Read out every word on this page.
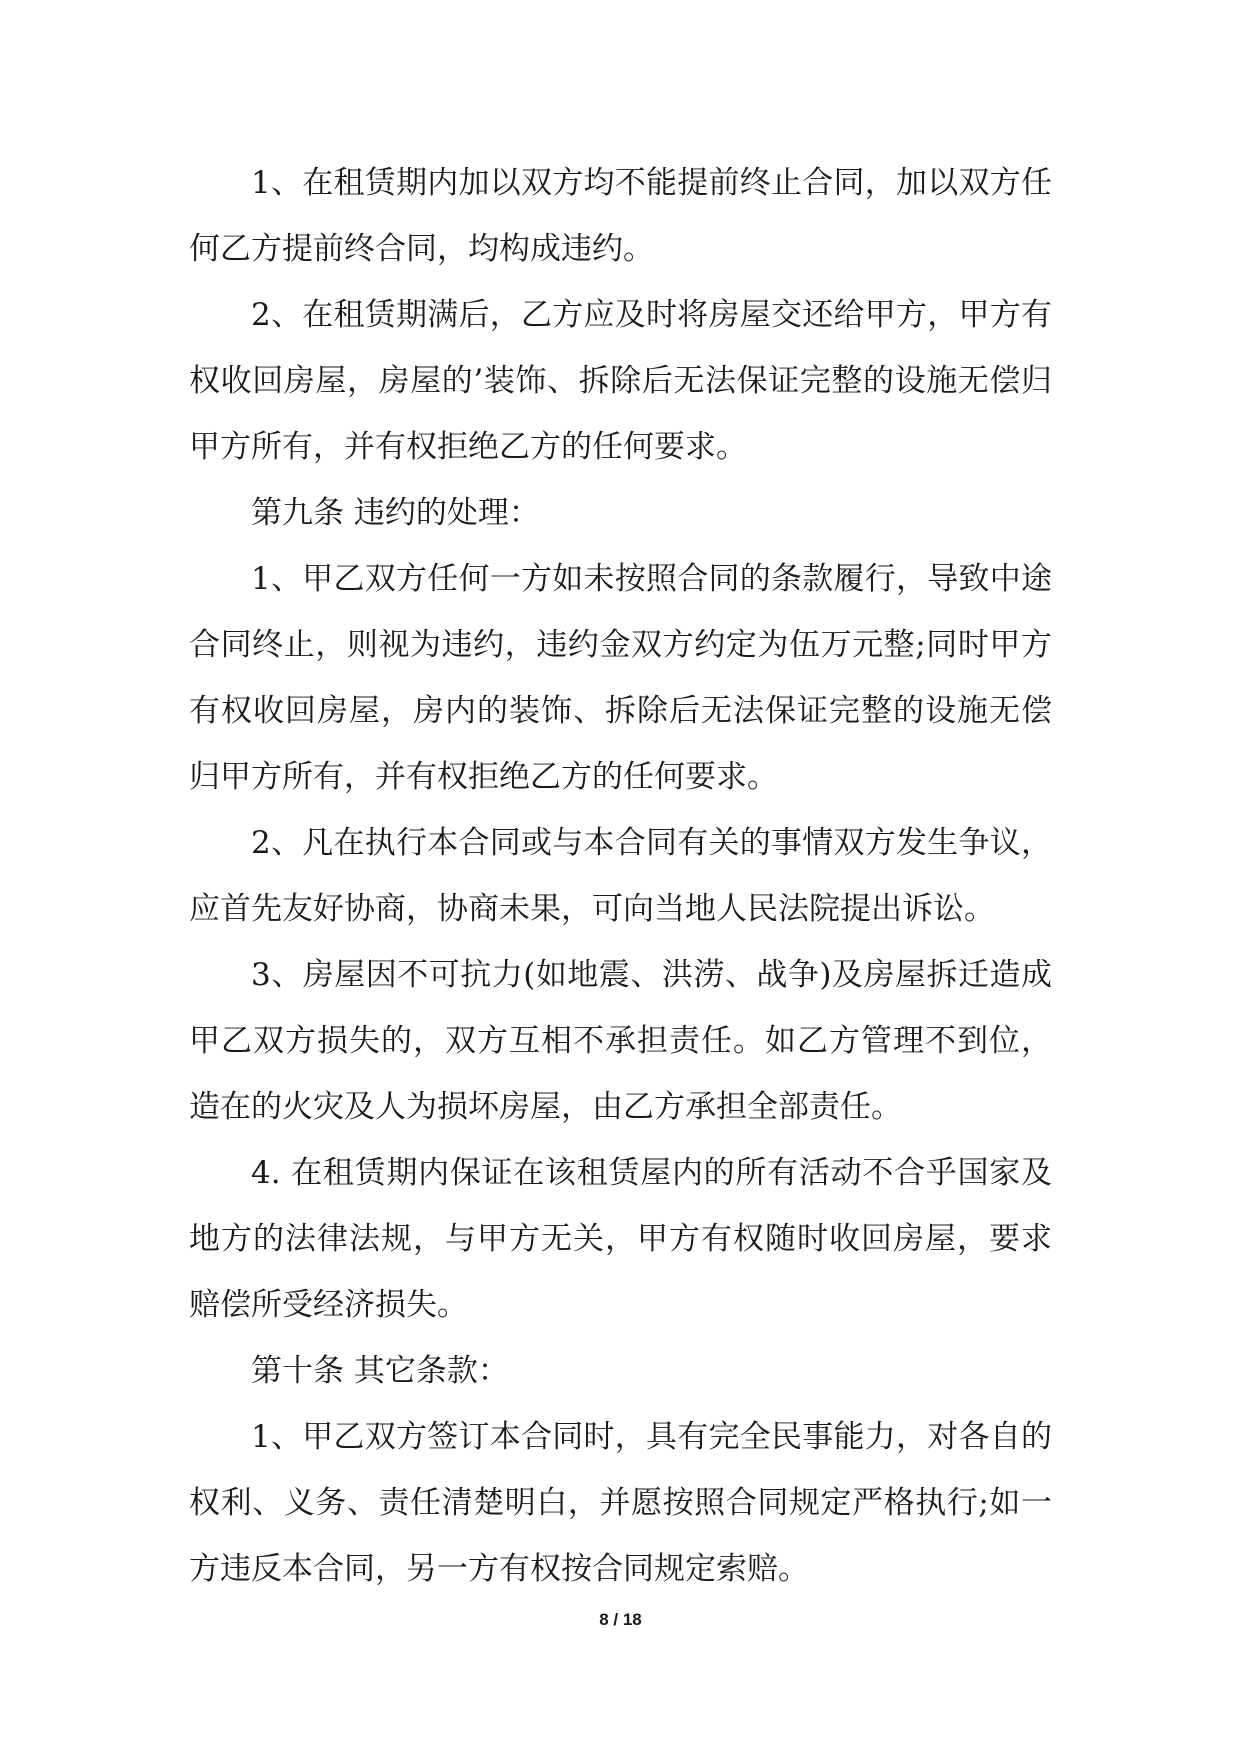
1、在租赁期内加以双方均不能提前终止合同，加以双方任何乙方提前终合同，均构成违约。

2、在租赁期满后，乙方应及时将房屋交还给甲方，甲方有权收回房屋，房屋的’装饰、拆除后无法保证完整的设施无偿归甲方所有，并有权拒绝乙方的任何要求。

第九条 违约的处理：

1、甲乙双方任何一方如未按照合同的条款履行，导致中途合同终止，则视为违约，违约金双方约定为伍万元整;同时甲方有权收回房屋，房内的装饰、拆除后无法保证完整的设施无偿归甲方所有，并有权拒绝乙方的任何要求。

2、凡在执行本合同或与本合同有关的事情双方发生争议，应首先友好协商，协商未果，可向当地人民法院提出诉讼。

3、房屋因不可抗力(如地震、洪涝、战争)及房屋拆迁造成甲乙双方损失的，双方互相不承担责任。如乙方管理不到位，造在的火灾及人为损坏房屋，由乙方承担全部责任。

4. 在租赁期内保证在该租赁屋内的所有活动不合乎国家及地方的法律法规，与甲方无关，甲方有权随时收回房屋，要求赔偿所受经济损失。

第十条 其它条款：

1、甲乙双方签订本合同时，具有完全民事能力，对各自的权利、义务、责任清楚明白，并愿按照合同规定严格执行;如一方违反本合同，另一方有权按合同规定索赔。

8 / 18
